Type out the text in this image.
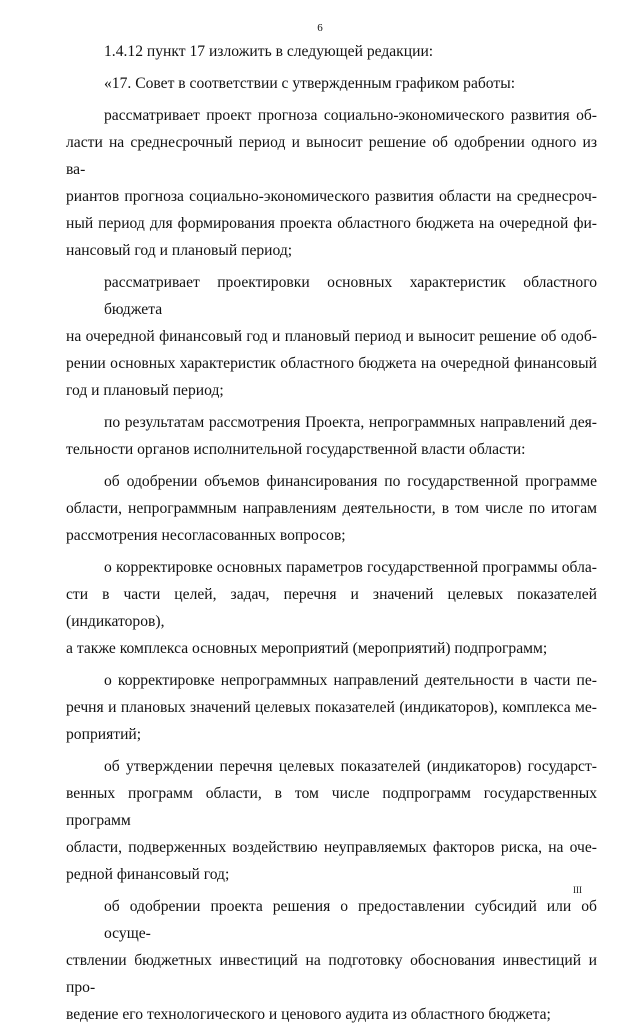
6
1.4.12 пункт 17 изложить в следующей редакции:
«17. Совет в соответствии с утвержденным графиком работы:
рассматривает проект прогноза социально-экономического развития об-
ласти на среднесрочный период и выносит решение об одобрении одного из ва-
риантов прогноза социально-экономического развития области на среднесроч-
ный период для формирования проекта областного бюджета на очередной фи-
нансовый год и плановый период;
рассматривает проектировки основных характеристик областного бюджета
на очередной финансовый год и плановый период и выносит решение об одоб-
рении основных характеристик областного бюджета на очередной финансовый
год и плановый период;
по результатам рассмотрения Проекта, непрограммных направлений дея-
тельности органов исполнительной государственной власти области:
об одобрении объемов финансирования по государственной программе
области, непрограммным направлениям деятельности, в том числе по итогам
рассмотрения несогласованных вопросов;
о корректировке основных параметров государственной программы обла-
сти в части целей, задач, перечня и значений целевых показателей (индикаторов),
а также комплекса основных мероприятий (мероприятий) подпрограмм;
о корректировке непрограммных направлений деятельности в части пе-
речня и плановых значений целевых показателей (индикаторов), комплекса ме-
роприятий;
об утверждении перечня целевых показателей (индикаторов) государст-
венных программ области, в том числе подпрограмм государственных программ
области, подверженных воздействию неуправляемых факторов риска, на оче-
редной финансовый год;
об одобрении проекта решения о предоставлении субсидий или об осуще-
ствлении бюджетных инвестиций на подготовку обоснования инвестиций и про-
ведение его технологического и ценового аудита из областного бюджета;
III
